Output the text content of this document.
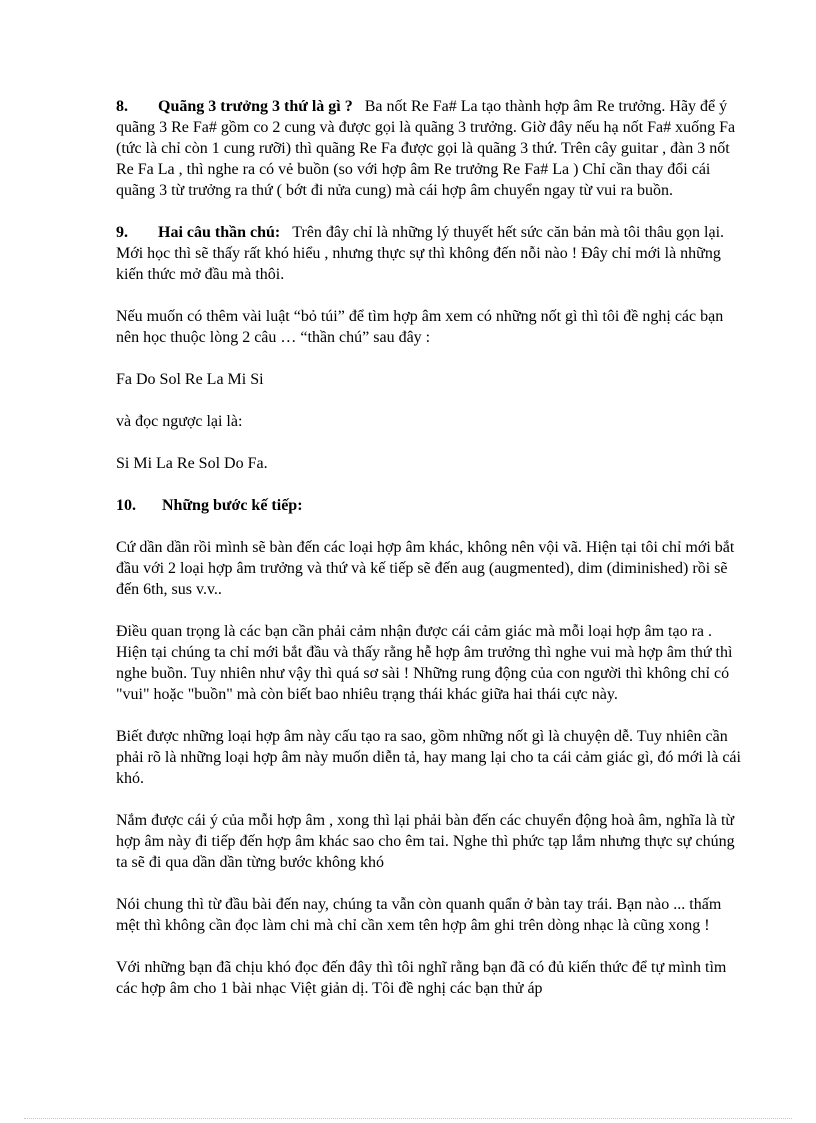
8. Quãng 3 trưởng 3 thứ là gì ? Ba nốt Re Fa# La tạo thành hợp âm Re trưởng. Hãy để ý quãng 3 Re Fa# gồm co 2 cung và được gọi là quãng 3 trưởng. Giờ đây nếu hạ nốt Fa# xuống Fa (tức là chỉ còn 1 cung rưỡi) thì quãng Re Fa được gọi là quãng 3 thứ. Trên cây guitar , đàn 3 nốt Re Fa La , thì nghe ra có vẻ buồn (so với hợp âm Re trưởng Re Fa# La ) Chỉ cần thay đổi cái quãng 3 từ trưởng ra thứ ( bớt đi nửa cung) mà cái hợp âm chuyển ngay từ vui ra buồn.

9. Hai câu thần chú: Trên đây chỉ là những lý thuyết hết sức căn bản mà tôi thâu gọn lại. Mới học thì sẽ thấy rất khó hiểu , nhưng thực sự thì không đến nỗi nào ! Đây chỉ mới là những kiến thức mở đầu mà thôi.

Nếu muốn có thêm vài luật “bỏ túi” để tìm hợp âm xem có những nốt gì thì tôi đề nghị các bạn nên học thuộc lòng 2 câu … “thần chú” sau đây :

Fa Do Sol Re La Mi Si

và đọc ngược lại là:

Si Mi La Re Sol Do Fa.

10. Những bước kế tiếp:

Cứ dần dần rồi mình sẽ bàn đến các loại hợp âm khác, không nên vội vã. Hiện tại tôi chỉ mới bắt đầu với 2 loại hợp âm trưởng và thứ và kế tiếp sẽ đến aug (augmented), dim (diminished) rồi sẽ đến 6th, sus v.v..

Điều quan trọng là các bạn cần phải cảm nhận được cái cảm giác mà mỗi loại hợp âm tạo ra . Hiện tại chúng ta chỉ mới bắt đầu và thấy rằng hễ hợp âm trưởng thì nghe vui mà hợp âm thứ thì nghe buồn. Tuy nhiên như vậy thì quá sơ sài ! Những rung động của con người thì không chỉ có "vui" hoặc "buồn" mà còn biết bao nhiêu trạng thái khác giữa hai thái cực này.

Biết được những loại hợp âm này cấu tạo ra sao, gồm những nốt gì là chuyện dễ. Tuy nhiên cần phải rõ là những loại hợp âm này muốn diễn tả, hay mang lại cho ta cái cảm giác gì, đó mới là cái khó.

Nắm được cái ý của mỗi hợp âm , xong thì lại phải bàn đến các chuyển động hoà âm, nghĩa là từ hợp âm này đi tiếp đến hợp âm khác sao cho êm tai. Nghe thì phức tạp lắm nhưng thực sự chúng ta sẽ đi qua dần dần từng bước không khó

Nói chung thì từ đầu bài đến nay, chúng ta vẫn còn quanh quẩn ở bàn tay trái. Bạn nào ... thấm mệt thì không cần đọc làm chi mà chỉ cần xem tên hợp âm ghi trên dòng nhạc là cũng xong !

Với những bạn đã chịu khó đọc đến đây thì tôi nghĩ rằng bạn đã có đủ kiến thức để tự mình tìm các hợp âm cho 1 bài nhạc Việt giản dị. Tôi đề nghị các bạn thử áp
